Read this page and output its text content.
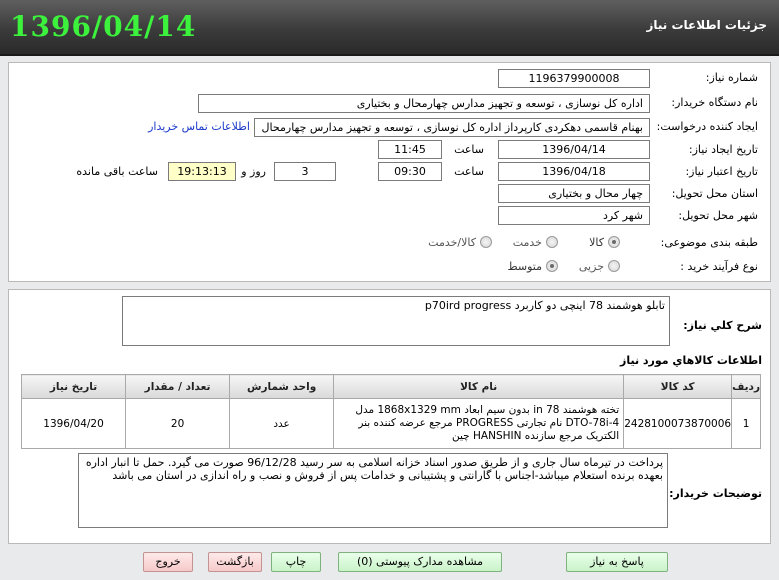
جزئیات اطلاعات نیاز
1396/04/14
شماره نیاز:
1196379900008
نام دستگاه خریدار:
اداره کل نوسازی ، توسعه و تجهیز مدارس چهارمحال و بختیاری
ایجاد کننده درخواست:
بهنام قاسمی دهکردی کارپرداز اداره کل نوسازی ، توسعه و تجهیز مدارس چهارمحال
اطلاعات تماس خریدار
تاریخ ایجاد نیاز:
1396/04/14
ساعت
11:45
تاریخ اعتبار نیاز:
1396/04/18
ساعت
09:30
3
روز و
19:13:13
ساعت باقی مانده
استان محل تحویل:
چهار محال و بختیاری
شهر محل تحویل:
شهر کرد
طبقه بندی موضوعی:
کالا
خدمت
کالا/خدمت
نوع فرآیند خرید :
جزیی
متوسط
شرح کلي نياز:
تابلو هوشمند 78 اینچی دو کاربرد p70ird progress
اطلاعات کالاهاي مورد نياز
ردیف	کد کالا	نام کالا	واحد شمارش	تعداد / مقدار	تاریخ نیاز
1	2428100073870006	تخته هوشمند 78 in بدون سیم ابعاد 1868x1329 mm مدل DTO-78i-4 نام تجارتی PROGRESS مرجع عرضه کننده بنر الکتریک مرجع سازنده HANSHIN چین	عدد	20	1396/04/20
توضیحات خریدار:
پرداخت در تیرماه سال جاری و از طریق صدور اسناد خزانه اسلامی به سر رسید 96/12/28 صورت می گیرد. حمل تا انبار اداره بعهده برنده استعلام میباشد-اجناس با گارانتی و پشتیبانی و خدامات پس از فروش و نصب و راه اندازی در استان می باشد
پاسخ به نیاز
مشاهده مدارک پیوستی (0)
چاپ
بازگشت
خروج
